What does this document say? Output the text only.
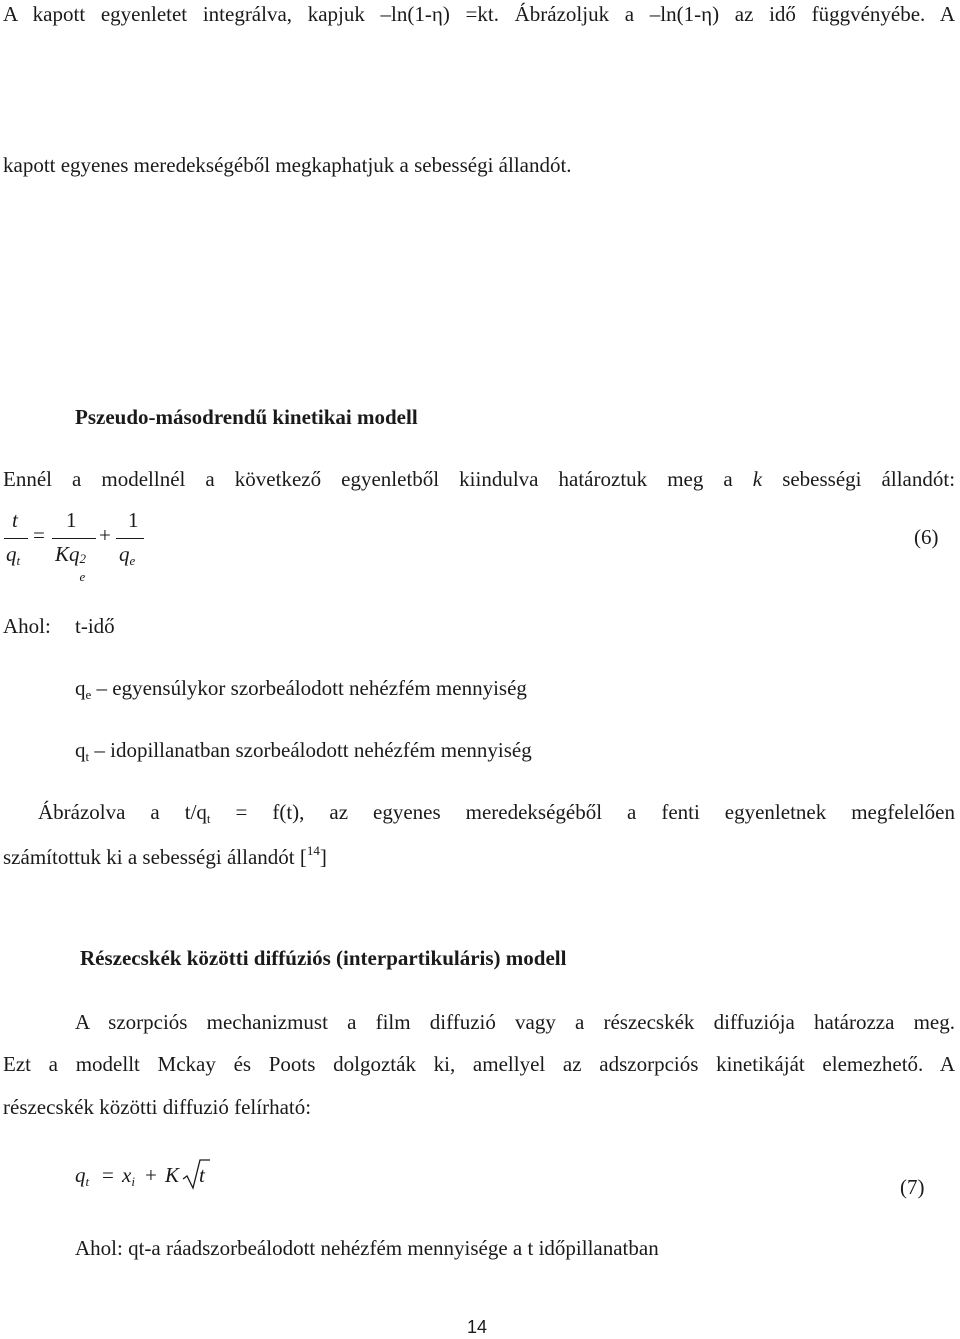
A kapott egyenletet integrálva, kapjuk –ln(1-η) =kt. Ábrázoljuk a –ln(1-η) az idő függvényébe. A
kapott egyenes meredekségéből megkaphatjuk a sebességi állandót.
Pszeudo-másodrendű kinetikai modell
Ennél a modellnél a következő egyenletből kiindulva határoztuk meg a k sebességi állandót:
t
$q_t$
=
1
Kq 2
e
+
1
$q_e$
(6)
Ahol: t-idő
$q_e$ – egyensúlykor szorbeálodott nehézfém mennyiség
$q_t$ – idopillanatban szorbeálodott nehézfém mennyiség
Ábrázolva a $t/q_t = f(t)$, az egyenes meredekségéből a fenti egyenletnek megfelelően
számítottuk ki a sebességi állandót [$^{14}$]
Részecskék közötti diffúziós (interpartikuláris) modell
A szorpciós mechanizmust a film diffuzió vagy a részecskék diffuziója határozza meg.
Ezt a modellt Mckay és Poots dolgozták ki, amellyel az adszorpciós kinetikáját elemezhető. A
részecskék közötti diffuzió felírható:
$q_t = x_i + K$ t	(7)
Ahol: qt-a ráadszorbeálodott nehézfém mennyisége a t időpillanatban
14
